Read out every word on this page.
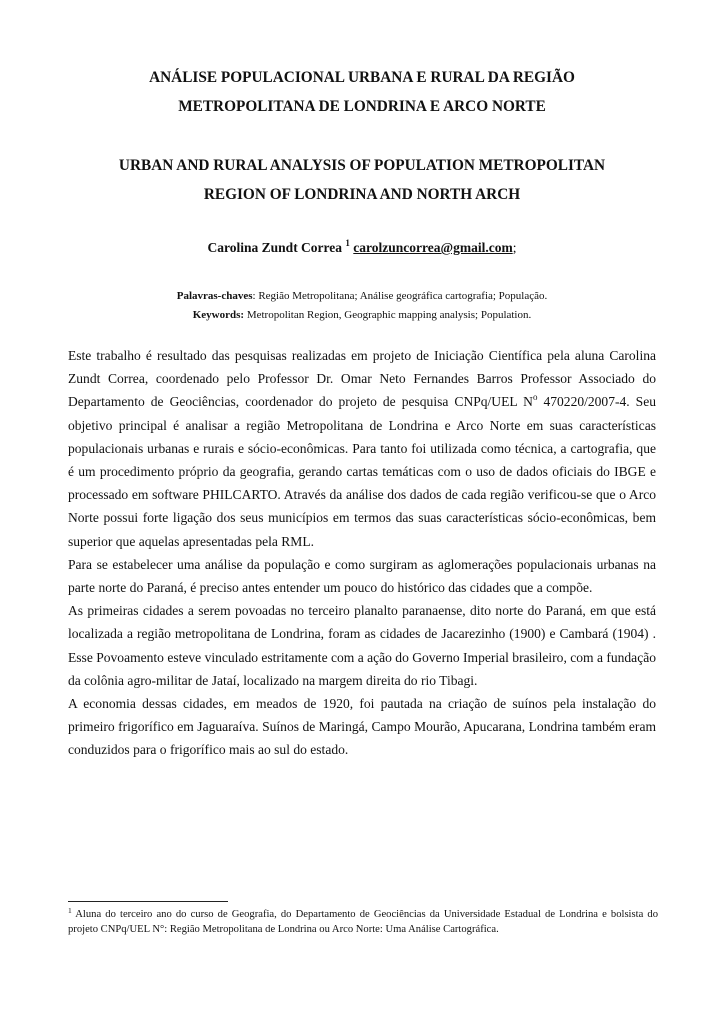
ANÁLISE POPULACIONAL URBANA E RURAL DA REGIÃO
METROPOLITANA DE LONDRINA E ARCO NORTE
URBAN AND RURAL ANALYSIS OF POPULATION METROPOLITAN
REGION OF LONDRINA AND NORTH ARCH
Carolina Zundt Correa $^1$ carolzuncorrea@gmail.com;
Palavras-chaves: Região Metropolitana; Análise geográfica cartografia; População.
Keywords: Metropolitan Region, Geographic mapping analysis; Population.

Este trabalho é resultado das pesquisas realizadas em projeto de Iniciação Científica pela aluna Carolina Zundt Correa, coordenado pelo Professor Dr. Omar Neto Fernandes Barros Professor Associado do Departamento de Geociências, coordenador do projeto de pesquisa CNPq/UEL $N^o$ 470220/2007-4. Seu objetivo principal é analisar a região Metropolitana de Londrina e Arco Norte em suas características populacionais urbanas e rurais e sócio-econômicas. Para tanto foi utilizada como técnica, a cartografia, que é um procedimento próprio da geografia, gerando cartas temáticas com o uso de dados oficiais do IBGE e processado em software PHILCARTO. Através da análise dos dados de cada região verificou-se que o Arco Norte possui forte ligação dos seus municípios em termos das suas características sócio-econômicas, bem superior que aquelas apresentadas pela RML.

Para se estabelecer uma análise da população e como surgiram as aglomerações populacionais urbanas na parte norte do Paraná, é preciso antes entender um pouco do histórico das cidades que a compõe.

As primeiras cidades a serem povoadas no terceiro planalto paranaense, dito norte do Paraná, em que está localizada a região metropolitana de Londrina, foram as cidades de Jacarezinho (1900) e Cambará (1904) . Esse Povoamento esteve vinculado estritamente com a ação do Governo Imperial brasileiro, com a fundação da colônia agro-militar de Jataí, localizado na margem direita do rio Tibagi.

A economia dessas cidades, em meados de 1920, foi pautada na criação de suínos pela instalação do primeiro frigorífico em Jaguaraíva. Suínos de Maringá, Campo Mourão, Apucarana, Londrina também eram conduzidos para o frigorífico mais ao sul do estado.

$^1$ Aluna do terceiro ano do curso de Geografia, do Departamento de Geociências da Universidade Estadual de Londrina e bolsista do projeto CNPq/UEL N°: Região Metropolitana de Londrina ou Arco Norte: Uma Análise Cartográfica.
